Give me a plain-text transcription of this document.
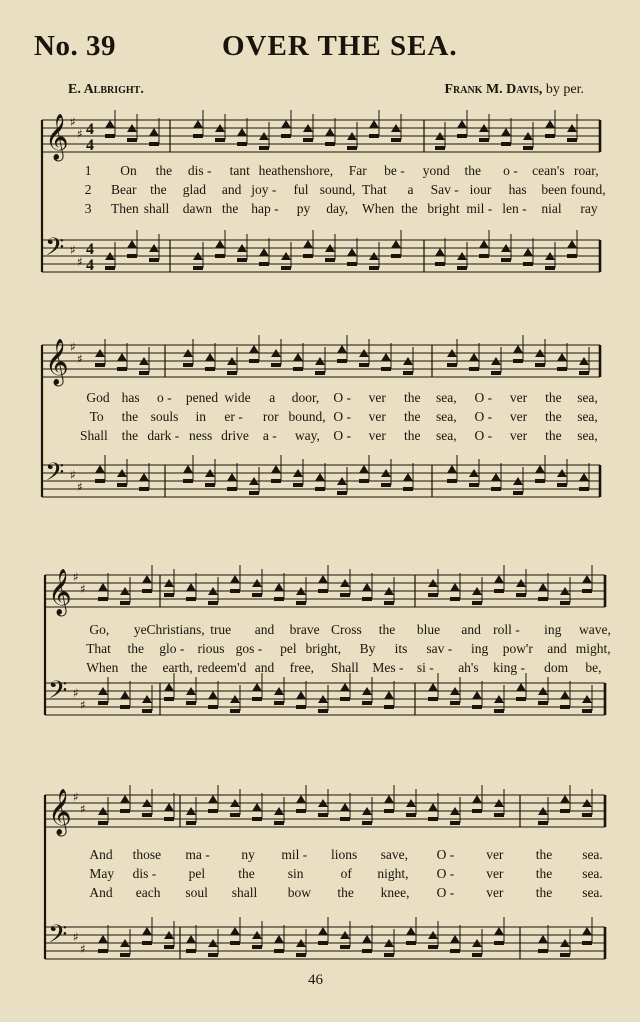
No. 39	OVER THE SEA.
E. Albright.	Frank M. Davis, by per.
𝄞 ♯
♯ 4
4
𝄢 ♯
♯
4
4
𝄞 ♯
♯
𝄢 ♯
♯
𝄞 ♯
♯
𝄢 ♯
♯
𝄞 ♯
♯
𝄢 ♯
♯
1 On the dis - tant heathen shore, Far be - yond the o - cean's roar,
2 Bear the glad and joy - ful sound, That a Sav - iour has been found,
3 Then shall dawn the hap - py day, When the bright mil - len - nial ray
God has o - pened wide a door, O - ver the sea, O - ver the sea,
To the souls in er - ror bound, O - ver the sea, O - ver the sea,
Shall the dark - ness drive a - way, O - ver the sea, O - ver the sea,
Go, ye Christians, true and brave Cross the blue and roll - ing wave,
That the glo - rious gos - pel bright, By its sav - ing pow'r and might,
When the earth, redeem'd and free, Shall Mes - si - ah's king - dom be,
And those ma - ny mil - lions save, O - ver the sea.
May dis - pel the sin	of night, O - ver the sea.
And each soul shall bow the knee, O - ver the sea.
46
